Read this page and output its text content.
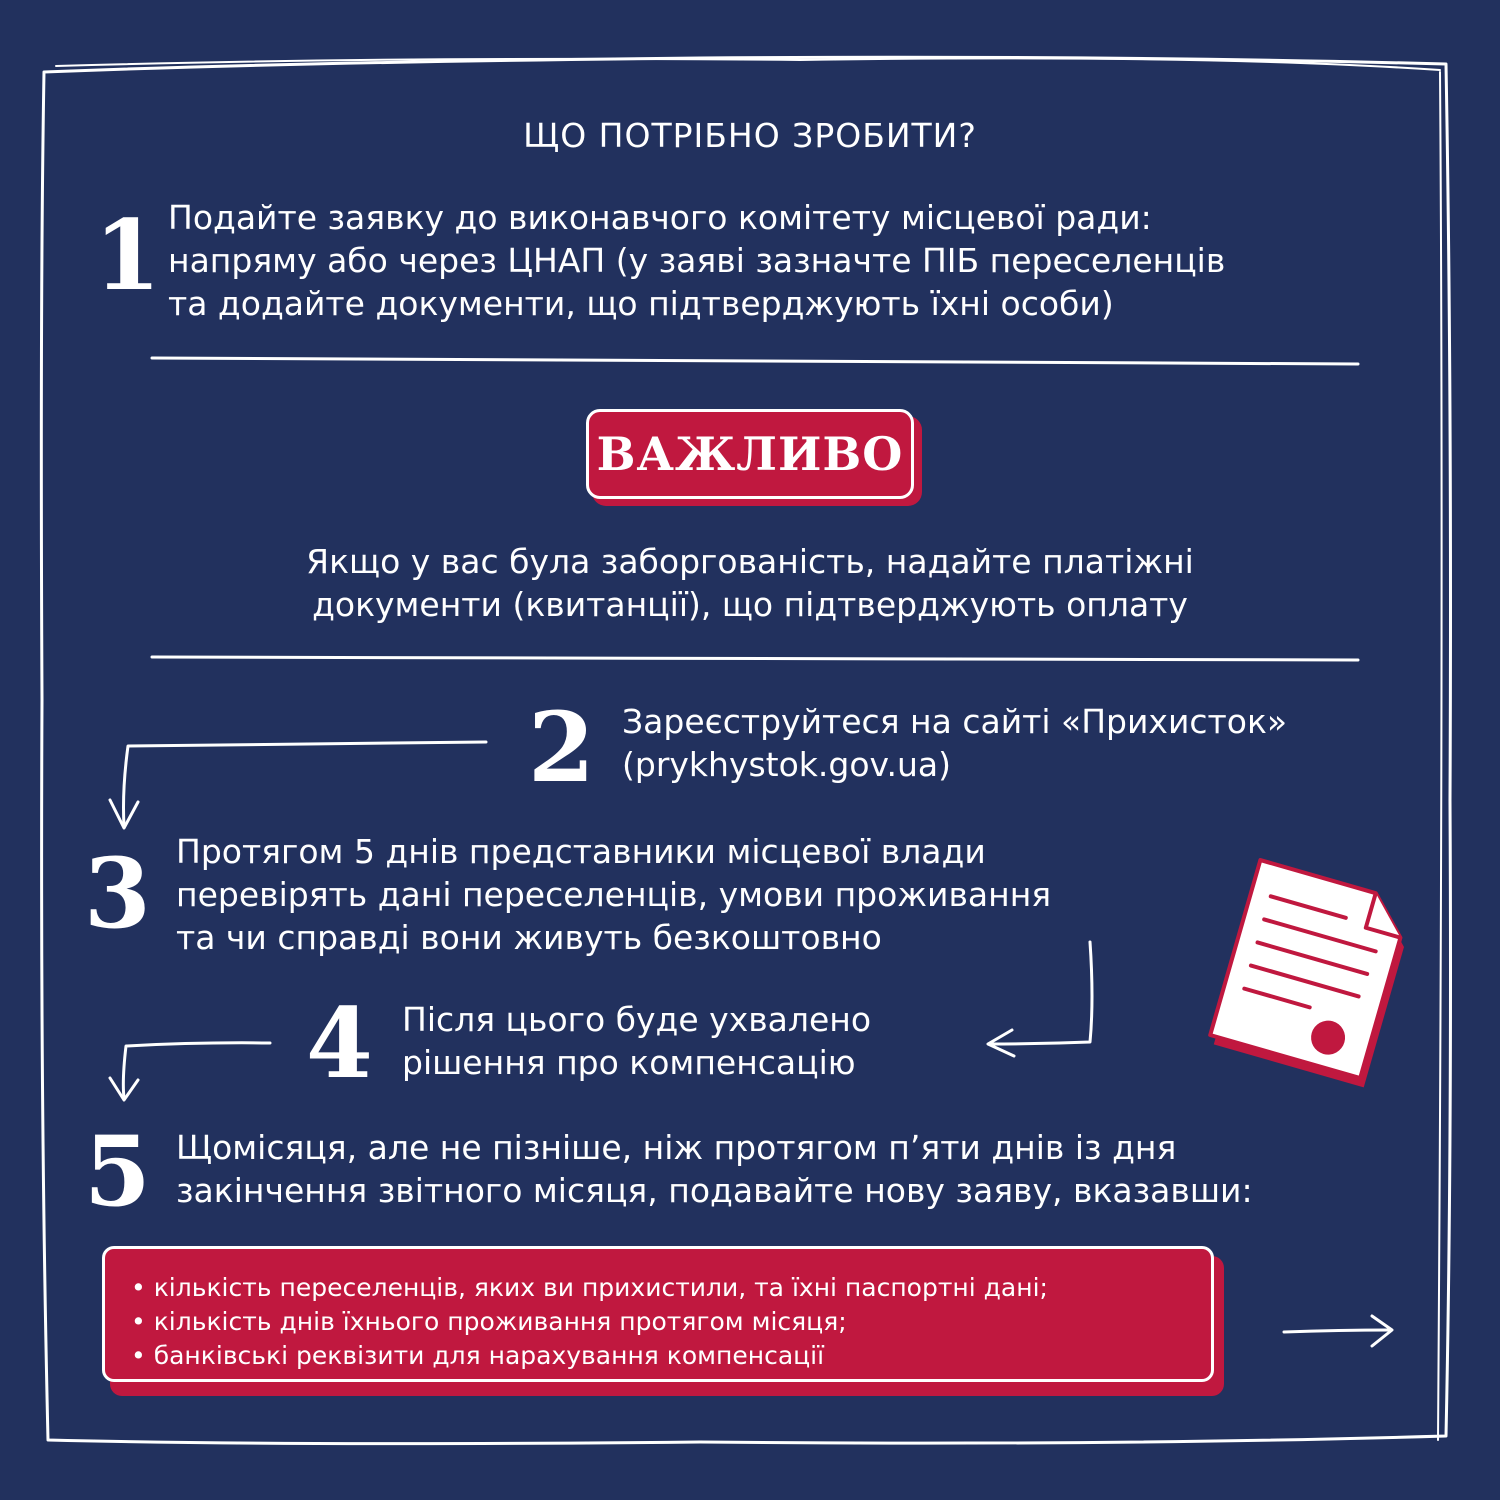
ЩО ПОТРІБНО ЗРОБИТИ?
1 Подайте заявку до виконавчого комітету місцевої ради:
напряму або через ЦНАП (у заяві зазначте ПІБ переселенців
та додайте документи, що підтверджують їхні особи)
ВАЖЛИВО
Якщо у вас була заборгованість, надайте платіжні
документи (квитанції), що підтверджують оплату
2 Зареєструйтеся на сайті «Прихисток»
(prykhystok.gov.ua)
3 Протягом 5 днів представники місцевої влади
перевірять дані переселенців, умови проживання
та чи справді вони живуть безкоштовно
4 Після цього буде ухвалено
рішення про компенсацію
5 Щомісяця, але не пізніше, ніж протягом п’яти днів із дня
закінчення звітного місяця, подавайте нову заяву, вказавши:
• кількість переселенців, яких ви прихистили, та їхні паспортні дані;
• кількість днів їхнього проживання протягом місяця;
• банківські реквізити для нарахування компенсації
